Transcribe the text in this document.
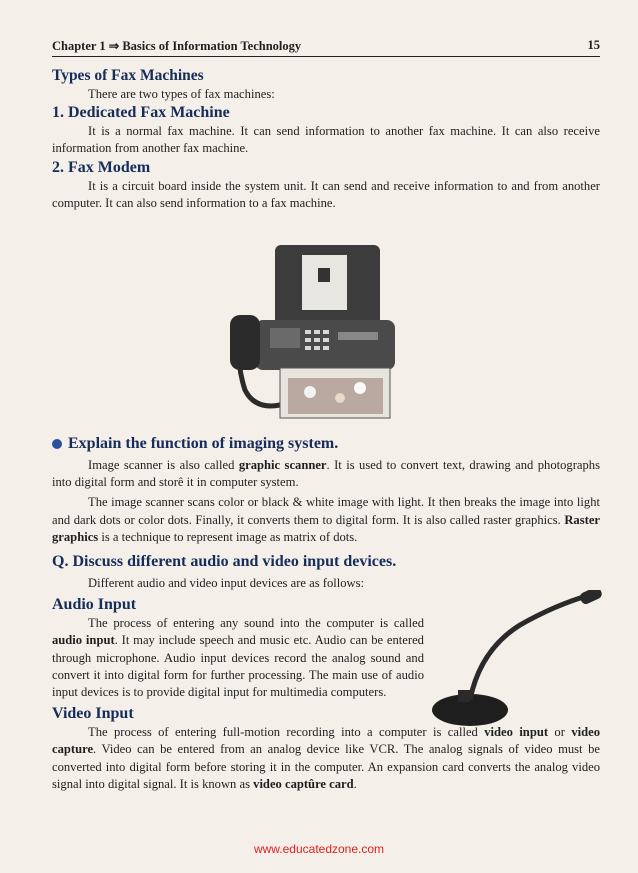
Chapter 1 ⇒ Basics of Information Technology	15
Types of Fax Machines

There are two types of fax machines:

1. Dedicated Fax Machine

It is a normal fax machine. It can send information to another fax machine. It can also receive information from another fax machine.

2. Fax Modem

It is a circuit board inside the system unit. It can send and receive information to and from another computer. It can also send information to a fax machine.

Explain the function of imaging system.

Image scanner is also called graphic scanner. It is used to convert text, drawing and photographs into digital form and storê it in computer system.

The image scanner scans color or black & white image with light. It then breaks the image into light and dark dots or color dots. Finally, it converts them to digital form. It is also called raster graphics. Raster graphics is a technique to represent image as matrix of dots.

Q. Discuss different audio and video input devices.

Different audio and video input devices are as follows:

Audio Input

The process of entering any sound into the computer is called audio input. It may include speech and music etc. Audio can be entered through microphone. Audio input devices record the analog sound and convert it into digital form for further processing. The main use of audio input devices is to provide digital input for multimedia computers.

Video Input

The process of entering full-motion recording into a computer is called video input or video capture. Video can be entered from an analog device like VCR. The analog signals of video must be converted into digital form before storing it in the computer. An expansion card converts the analog video signal into digital signal. It is known as video captûre card.

www.educatedzone.com
